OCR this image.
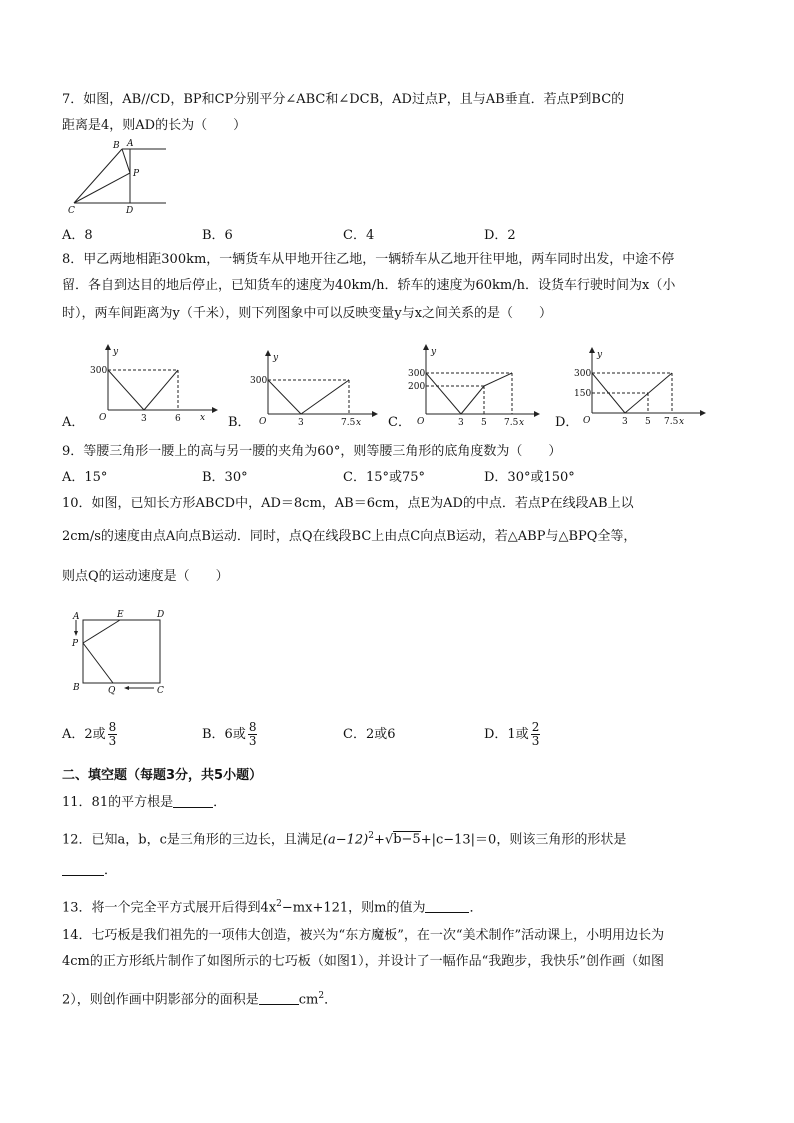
7．如图，AB//CD，BP和CP分别平分∠ABC和∠DCB，AD过点P，且与AB垂直．若点P到BC的
距离是4，则AD的长为（　　）
B A
P
C	D
A．8	B．6	C．4	D．2
8．甲乙两地相距300km，一辆货车从甲地开往乙地，一辆轿车从乙地开往甲地，两车同时出发，中途不停
留．各自到达目的地后停止，已知货车的速度为40km/h．轿车的速度为60km/h．设货车行驶时间为x（小
时），两车间距离为y（千米），则下列图象中可以反映变量y与x之间关系的是（　　）
A．
y
x
O
300
3	6	B．
y
O
300
3	7.5 x C．
y
O
300
200
3 5 7.5 x D．
y
O
300
150
3 5 7.5 x
9．等腰三角形一腰上的高与另一腰的夹角为60°，则等腰三角形的底角度数为（　　）
A．15°	B．30°	C．15°或75°	D．30°或150°
10．如图，已知长方形ABCD中，AD＝8cm，AB＝6cm，点E为AD的中点．若点P在线段AB上以
2cm/s的速度由点A向点B运动．同时，点Q在线段BC上由点C向点B运动，若△ABP与△BPQ全等，
则点Q的运动速度是（　　）
A	E	D
P
B	Q	C
A．2或 $\frac{8}{3}$	B．6或 $\frac{8}{3}$	C．2或6	D．1或 $\frac{2}{3}$
二、填空题（每题3分，共5小题）
11．81的平方根是	．
12．已知a，b，c是三角形的三边长，且满足$(a-12)^2+√b-5+|c-13|=0$，则该三角形的形状是
．
13．将一个完全平方式展开后得到$4x^2-mx+121$，则m的值为	．
14．七巧板是我们祖先的一项伟大创造，被兴为“东方魔板”，在一次“美术制作”活动课上，小明用边长为
4cm的正方形纸片制作了如图所示的七巧板（如图1），并设计了一幅作品“我跑步，我快乐”创作画（如图
2），则创作画中阴影部分的面积是	$cm^2$．
